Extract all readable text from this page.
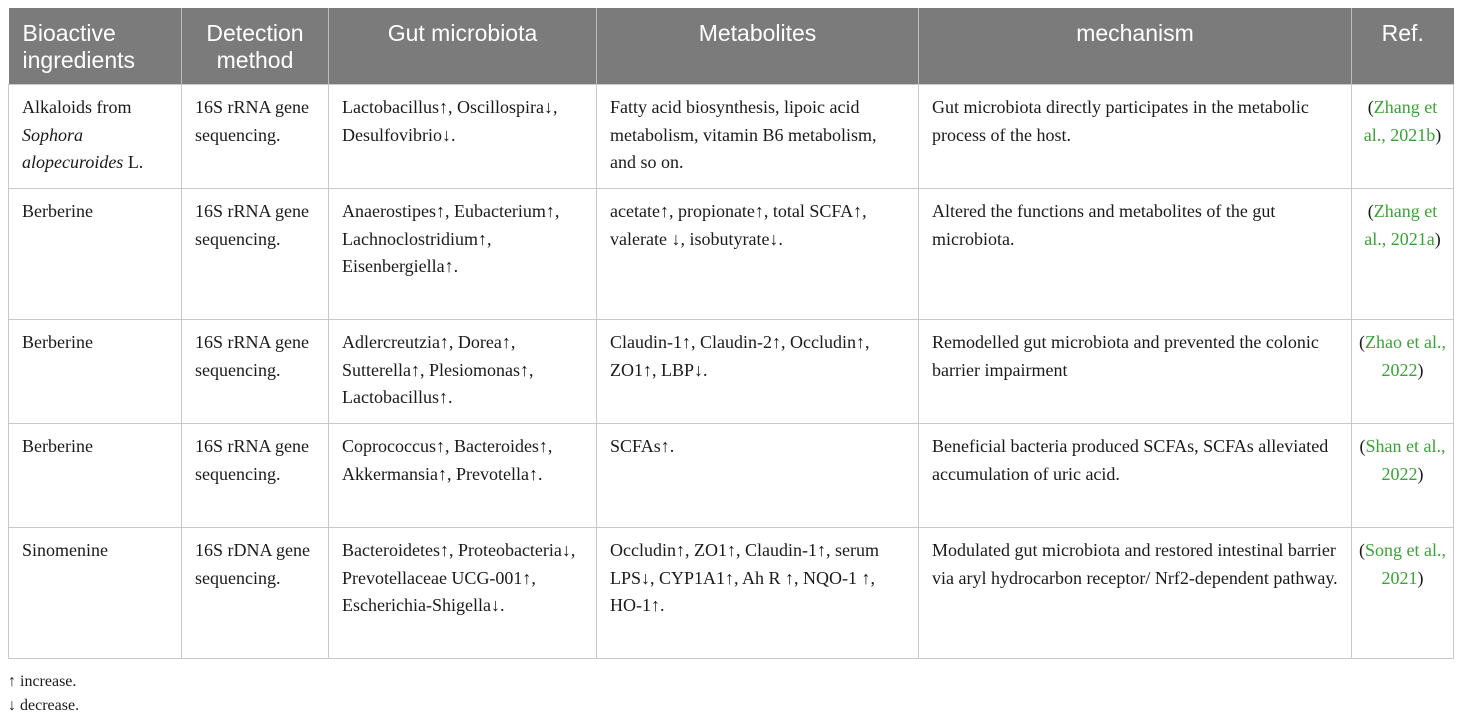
Bioactive ingredients	Detection method	Gut microbiota	Metabolites	mechanism	Ref.
Alkaloids from Sophora alopecuroides L.	16S rRNA gene sequencing.	Lactobacillus↑, Oscillospira↓, Desulfovibrio↓.	Fatty acid biosynthesis, lipoic acid metabolism, vitamin B6 metabolism, and so on.	Gut microbiota directly participates in the metabolic process of the host.	(Zhang et al., 2021b)
Berberine	16S rRNA gene sequencing.	Anaerostipes↑, Eubacterium↑, Lachnoclostridium↑, Eisenbergiella↑.	acetate↑, propionate↑, total SCFA↑, valerate ↓, isobutyrate↓.	Altered the functions and metabolites of the gut microbiota.	(Zhang et al., 2021a)
Berberine	16S rRNA gene sequencing.	Adlercreutzia↑, Dorea↑, Sutterella↑, Plesiomonas↑, Lactobacillus↑.	Claudin-1↑, Claudin-2↑, Occludin↑, ZO1↑, LBP↓.	Remodelled gut microbiota and prevented the colonic barrier impairment	(Zhao et al., 2022)
Berberine	16S rRNA gene sequencing.	Coprococcus↑, Bacteroides↑, Akkermansia↑, Prevotella↑.	SCFAs↑.	Beneficial bacteria produced SCFAs, SCFAs alleviated accumulation of uric acid.	(Shan et al., 2022)
Sinomenine	16S rDNA gene sequencing.	Bacteroidetes↑, Proteobacteria↓, Prevotellaceae UCG-001↑, Escherichia-Shigella↓.	Occludin↑, ZO1↑, Claudin-1↑, serum LPS↓, CYP1A1↑, Ah R ↑, NQO-1 ↑, HO-1↑.	Modulated gut microbiota and restored intestinal barrier via aryl hydrocarbon receptor/ Nrf2-dependent pathway.	(Song et al., 2021)
↑ increase.
↓ decrease.
